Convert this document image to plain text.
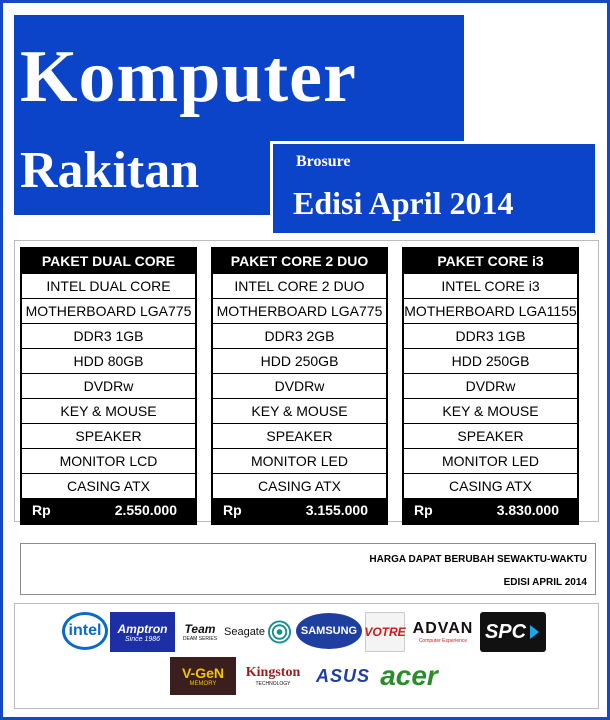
Komputer
Rakitan	Brosure
Edisi April 2014
PAKET DUAL CORE
INTEL DUAL CORE
MOTHERBOARD LGA775
DDR3 1GB
HDD 80GB
DVDRw
KEY & MOUSE
SPEAKER
MONITOR LCD
CASING ATX
Rp	2.550.000
PAKET CORE 2 DUO
INTEL CORE 2 DUO
MOTHERBOARD LGA775
DDR3 2GB
HDD 250GB
DVDRw
KEY & MOUSE
SPEAKER
MONITOR LED
CASING ATX
Rp	3.155.000
PAKET CORE i3
INTEL CORE i3
MOTHERBOARD LGA1155
DDR3 1GB
HDD 250GB
DVDRw
KEY & MOUSE
SPEAKER
MONITOR LED
CASING ATX
Rp	3.830.000
HARGA DAPAT BERUBAH SEWAKTU-WAKTU
EDISI APRIL 2014
intel Amptron
Since 1986
Team
DEAM SERIES
Seagate	SAMSUNG VOTRE ADVAN
Computer Experience SPC
V-GeN
MEMORY
Kingston
TECHNOLOGY ASUS acer
